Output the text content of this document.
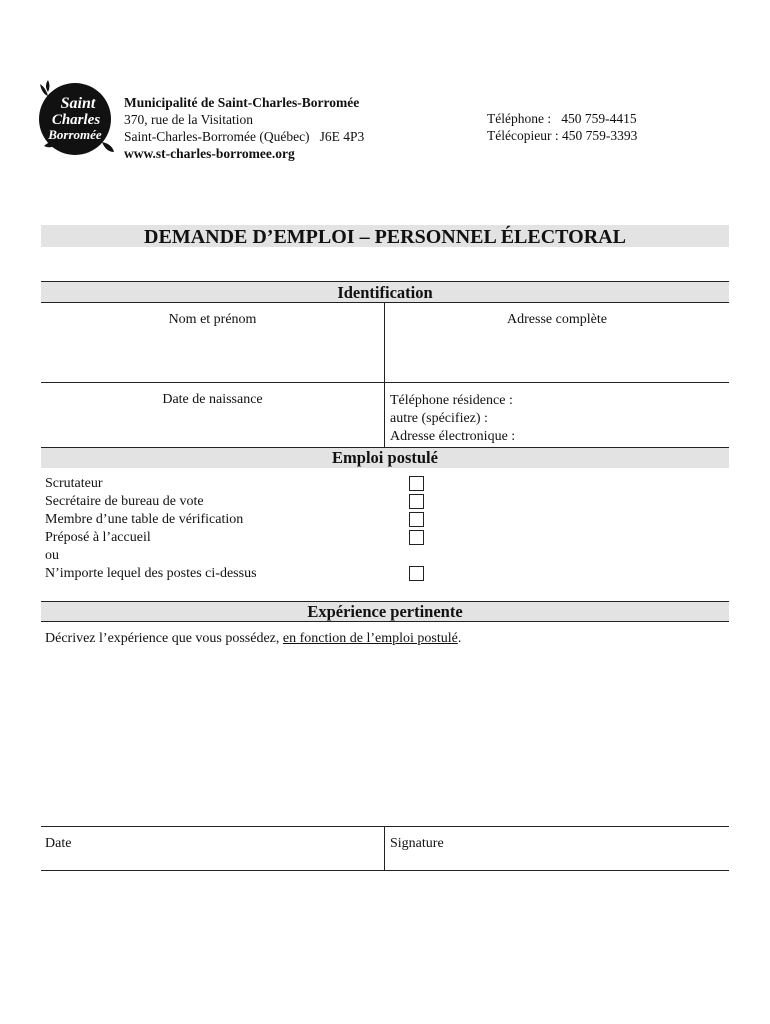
Saint
Charles
Borromée
Municipalité de Saint-Charles-Borromée
370, rue de la Visitation
Saint-Charles-Borromée (Québec)   J6E 4P3
www.st-charles-borromee.org
Téléphone :   450 759-4415
Télécopieur : 450 759-3393
DEMANDE D’EMPLOI – PERSONNEL ÉLECTORAL
Identification
Nom et prénom	Adresse complète
Date de naissance	Téléphone résidence :
autre (spécifiez) :
Adresse électronique :
Emploi postulé
Scrutateur
Secrétaire de bureau de vote
Membre d’une table de vérification
Préposé à l’accueil
ou
N’importe lequel des postes ci-dessus
Expérience pertinente
Décrivez l’expérience que vous possédez, en fonction de l’emploi postulé.
Date	Signature
